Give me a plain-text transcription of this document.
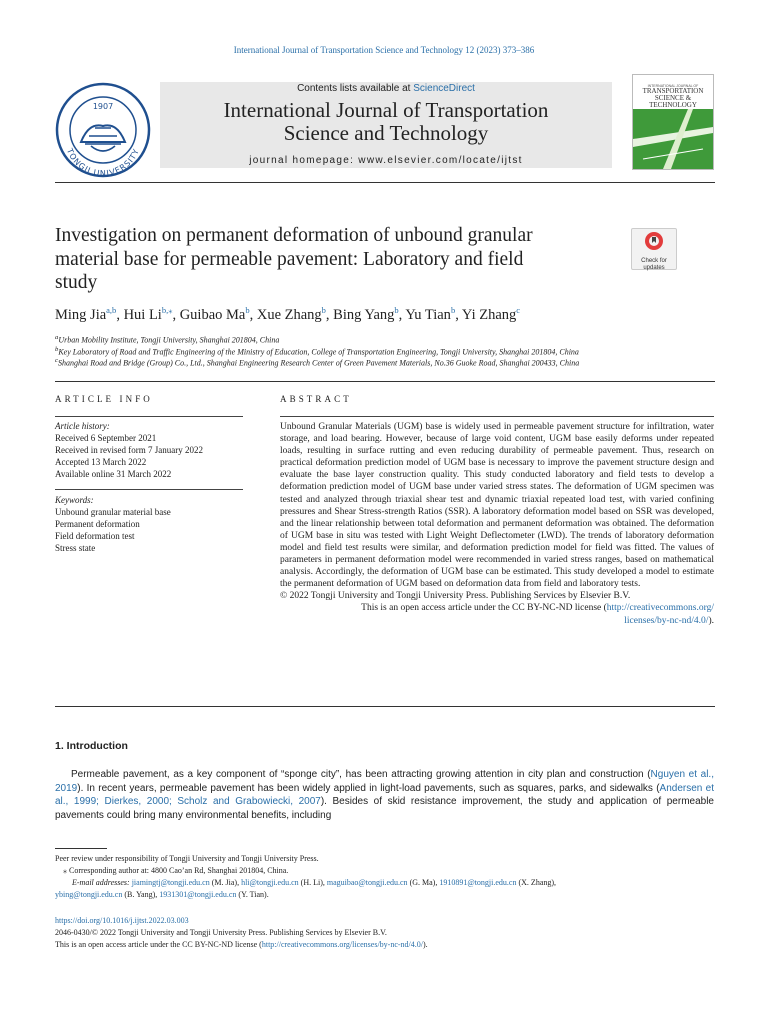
International Journal of Transportation Science and Technology 12 (2023) 373–386
1907
TONGJI UNIVERSITY
Contents lists available at ScienceDirect
International Journal of Transportation
Science and Technology
journal homepage: www.elsevier.com/locate/ijtst
INTERNATIONAL JOURNAL OF
TRANSPORTATION
SCIENCE &
TECHNOLOGY
Investigation on permanent deformation of unbound granular
material base for permeable pavement: Laboratory and field
study
Check for
updates
Ming Jia$^{a,b}$, Hui $Li^{b,⁎}$, Guibao Ma$^b$, Xue Zhang$^b$, Bing Yang$^b$, Yu Tian$^b$, Yi Zhang$^c$
$^a$Urban Mobility Institute, Tongji University, Shanghai 201804, China
$^b$Key Laboratory of Road and Traffic Engineering of the Ministry of Education, College of Transportation Engineering, Tongji University, Shanghai 201804, China
$^c$Shanghai Road and Bridge (Group) Co., Ltd., Shanghai Engineering Research Center of Green Pavement Materials, No.36 Guoke Road, Shanghai 200433, China
ARTICLE INFO
Article history:
Received 6 September 2021
Received in revised form 7 January 2022
Accepted 13 March 2022
Available online 31 March 2022
Keywords:
Unbound granular material base
Permanent deformation
Field deformation test
Stress state
ABSTRACT

Unbound Granular Materials (UGM) base is widely used in permeable pavement structure for infiltration, water storage, and load bearing. However, because of large void content, UGM base easily deforms under repeated loads, resulting in surface rutting and even reducing durability of permeable pavement. Thus, research on practical deformation prediction model of UGM base is necessary to improve the pavement structure design and evaluate the base layer construction quality. This study conducted laboratory and field tests to develop a deformation prediction model of UGM base under varied stress states. The deformation of UGM specimen was tested and analyzed through triaxial shear test and dynamic triaxial repeated load test, with varied confining pressures and Shear Stress-strength Ratios (SSR). A laboratory deformation model based on SSR was developed, and the linear relationship between total deformation and permanent deformation was obtained. The deformation of UGM base in situ was tested with Light Weight Deflectometer (LWD). The trends of laboratory deformation model and field test results were similar, and deformation prediction model for field was fitted. The values of parameters in permanent deformation model were recommended in varied stress ranges, based on mathematical analysis. Accordingly, the deformation of UGM base can be estimated. This study developed a model to estimate the permanent deformation of UGM based on deformation data from field and laboratory tests.

© 2022 Tongji University and Tongji University Press. Publishing Services by Elsevier B.V.

This is an open access article under the CC BY-NC-ND license (http://creativecommons.org/

licenses/by-nc-nd/4.0/).

1. Introduction

Permeable pavement, as a key component of “sponge city”, has been attracting growing attention in city plan and construction (Nguyen et al., 2019). In recent years, permeable pavement has been widely applied in light-load pavements, such as squares, parks, and sidewalks (Andersen et al., 1999; Dierkes, 2000; Scholz and Grabowiecki, 2007). Besides of skid resistance improvement, the study and application of permeable pavements could bring many environmental benefits, including

Peer review under responsibility of Tongji University and Tongji University Press.
⁎ Corresponding author at: 4800 Cao’an Rd, Shanghai 201804, China.
E-mail addresses: jiamingtj@tongji.edu.cn (M. Jia), hli@tongji.edu.cn (H. Li), maguibao@tongji.edu.cn (G. Ma), 1910891@tongji.edu.cn (X. Zhang),
ybing@tongji.edu.cn (B. Yang), 1931301@tongji.edu.cn (Y. Tian).
https://doi.org/10.1016/j.ijtst.2022.03.003
2046-0430/© 2022 Tongji University and Tongji University Press. Publishing Services by Elsevier B.V.
This is an open access article under the CC BY-NC-ND license (http://creativecommons.org/licenses/by-nc-nd/4.0/).
